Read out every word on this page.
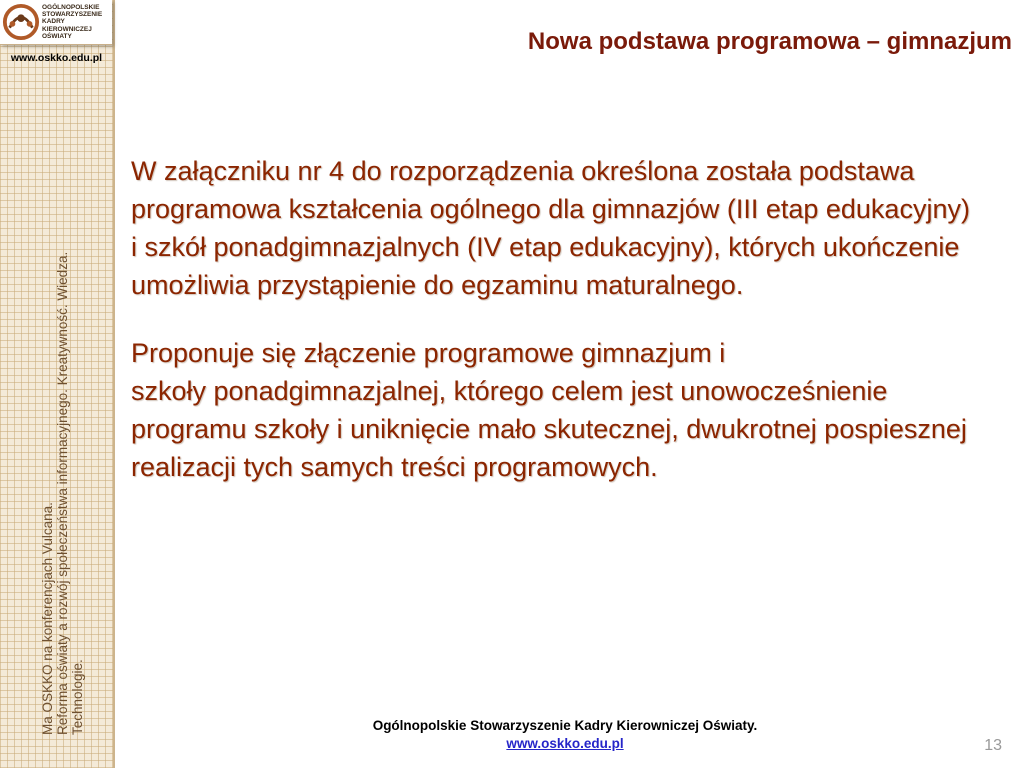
OGÓLNOPOLSKIE
STOWARZYSZENIE
KADRY
KIEROWNICZEJ
OŚWIATY
www.oskko.edu.pl
Ma OSKKO na konferencjach Vulcana. Reforma oświaty a rozwój społeczeństwa informacyjnego. Kreatywność. Wiedza. Technologie.
Nowa podstawa programowa – gimnazjum

W załączniku nr 4 do rozporządzenia określona została podstawa programowa kształcenia ogólnego dla gimnazjów (III etap edukacyjny) i szkół ponadgimnazjalnych (IV etap edukacyjny), których ukończenie umożliwia przystąpienie do egzaminu maturalnego.

Proponuje się złączenie programowe gimnazjum i

szkoły ponadgimnazjalnej, którego celem jest unowocześnienie programu szkoły i uniknięcie mało skutecznej, dwukrotnej pospiesznej realizacji tych samych treści programowych.

Ogólnopolskie Stowarzyszenie Kadry Kierowniczej Oświaty.
www.oskko.edu.pl	13
